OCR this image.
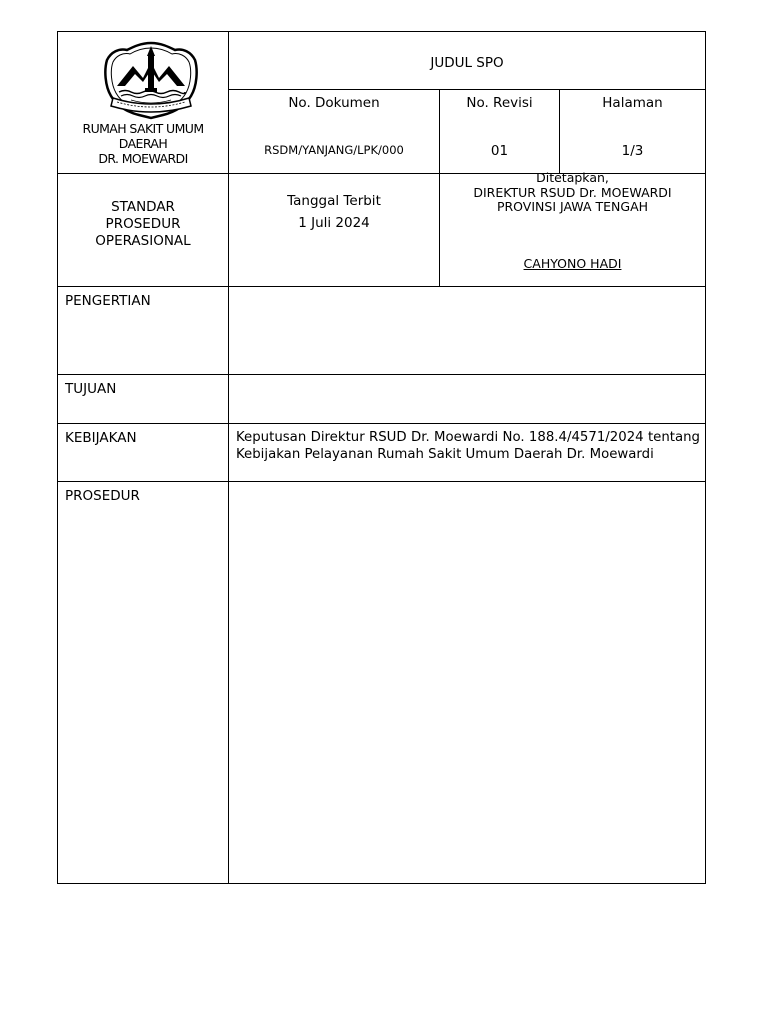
RUMAH SAKIT UMUM
DAERAH
DR. MOEWARDI
JUDUL SPO
No. Dokumen
RSDM/YANJANG/LPK/000
No. Revisi
01
Halaman
1/3
STANDAR
PROSEDUR
OPERASIONAL
Tanggal Terbit
1 Juli 2024
Ditetapkan,
DIREKTUR RSUD Dr. MOEWARDI
PROVINSI JAWA TENGAH
CAHYONO HADI
PENGERTIAN
TUJUAN
KEBIJAKAN	Keputusan Direktur RSUD Dr. Moewardi No. 188.4/4571/2024 tentang Kebijakan Pelayanan Rumah Sakit Umum Daerah Dr. Moewardi
PROSEDUR
